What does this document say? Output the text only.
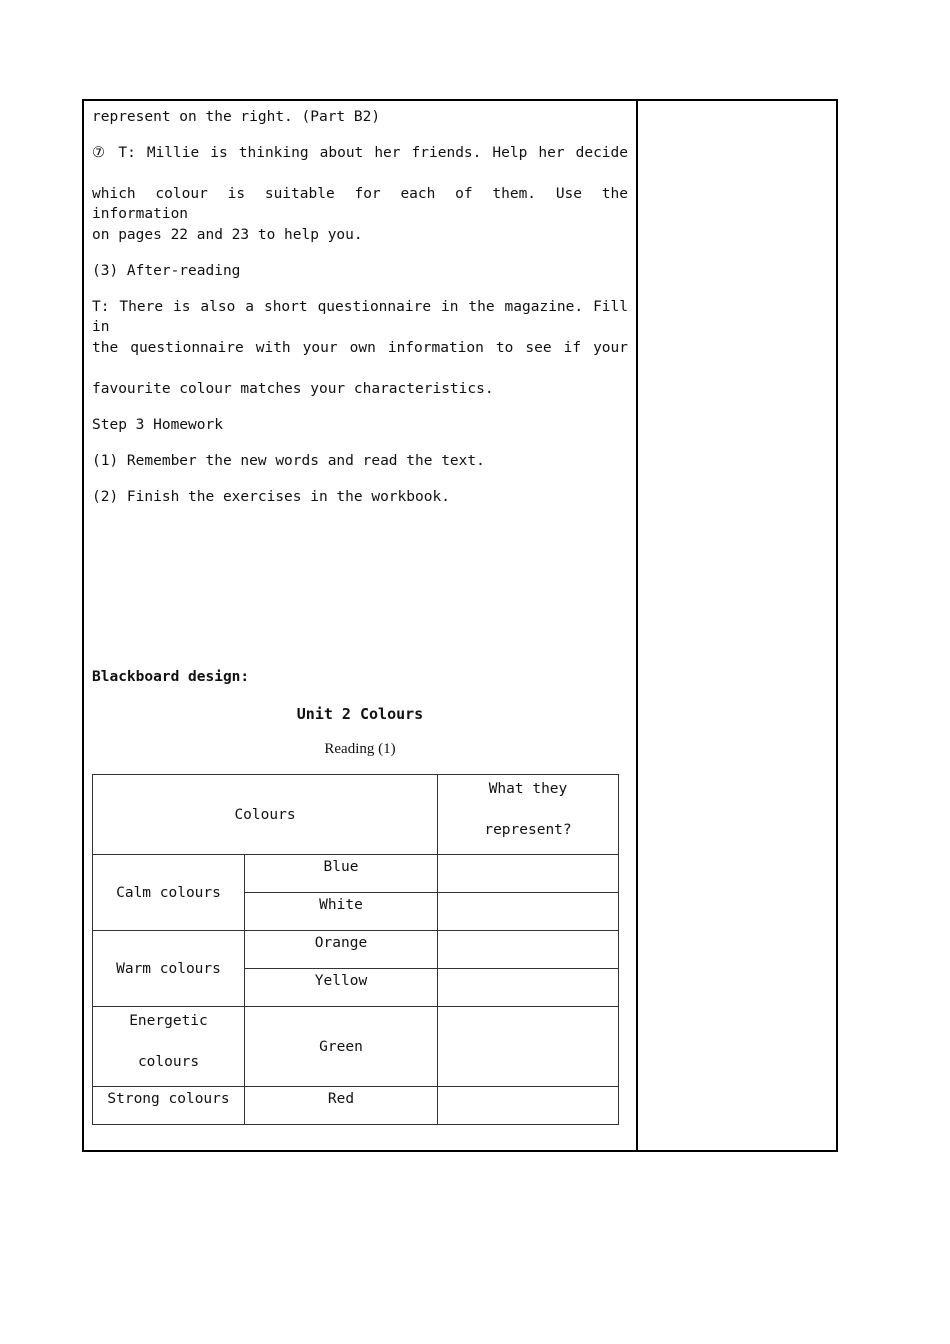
represent on the right. (Part B2)

⑦ T: Millie is thinking about her friends. Help her decide

which colour is suitable for each of them. Use the information

on pages 22 and 23 to help you.

(3) After-reading

T: There is also a short questionnaire in the magazine. Fill in

the questionnaire with your own information to see if your

favourite colour matches your characteristics.

Step 3 Homework

(1) Remember the new words and read the text.

(2) Finish the exercises in the workbook.

Blackboard design:
Unit 2 Colours
Reading (1)
Colours		What they
represent?

Calm colours	Blue	
	White	
Warm colours	Orange	
	Yellow	

Energetic
colours	Green	
Strong colours	Red	
